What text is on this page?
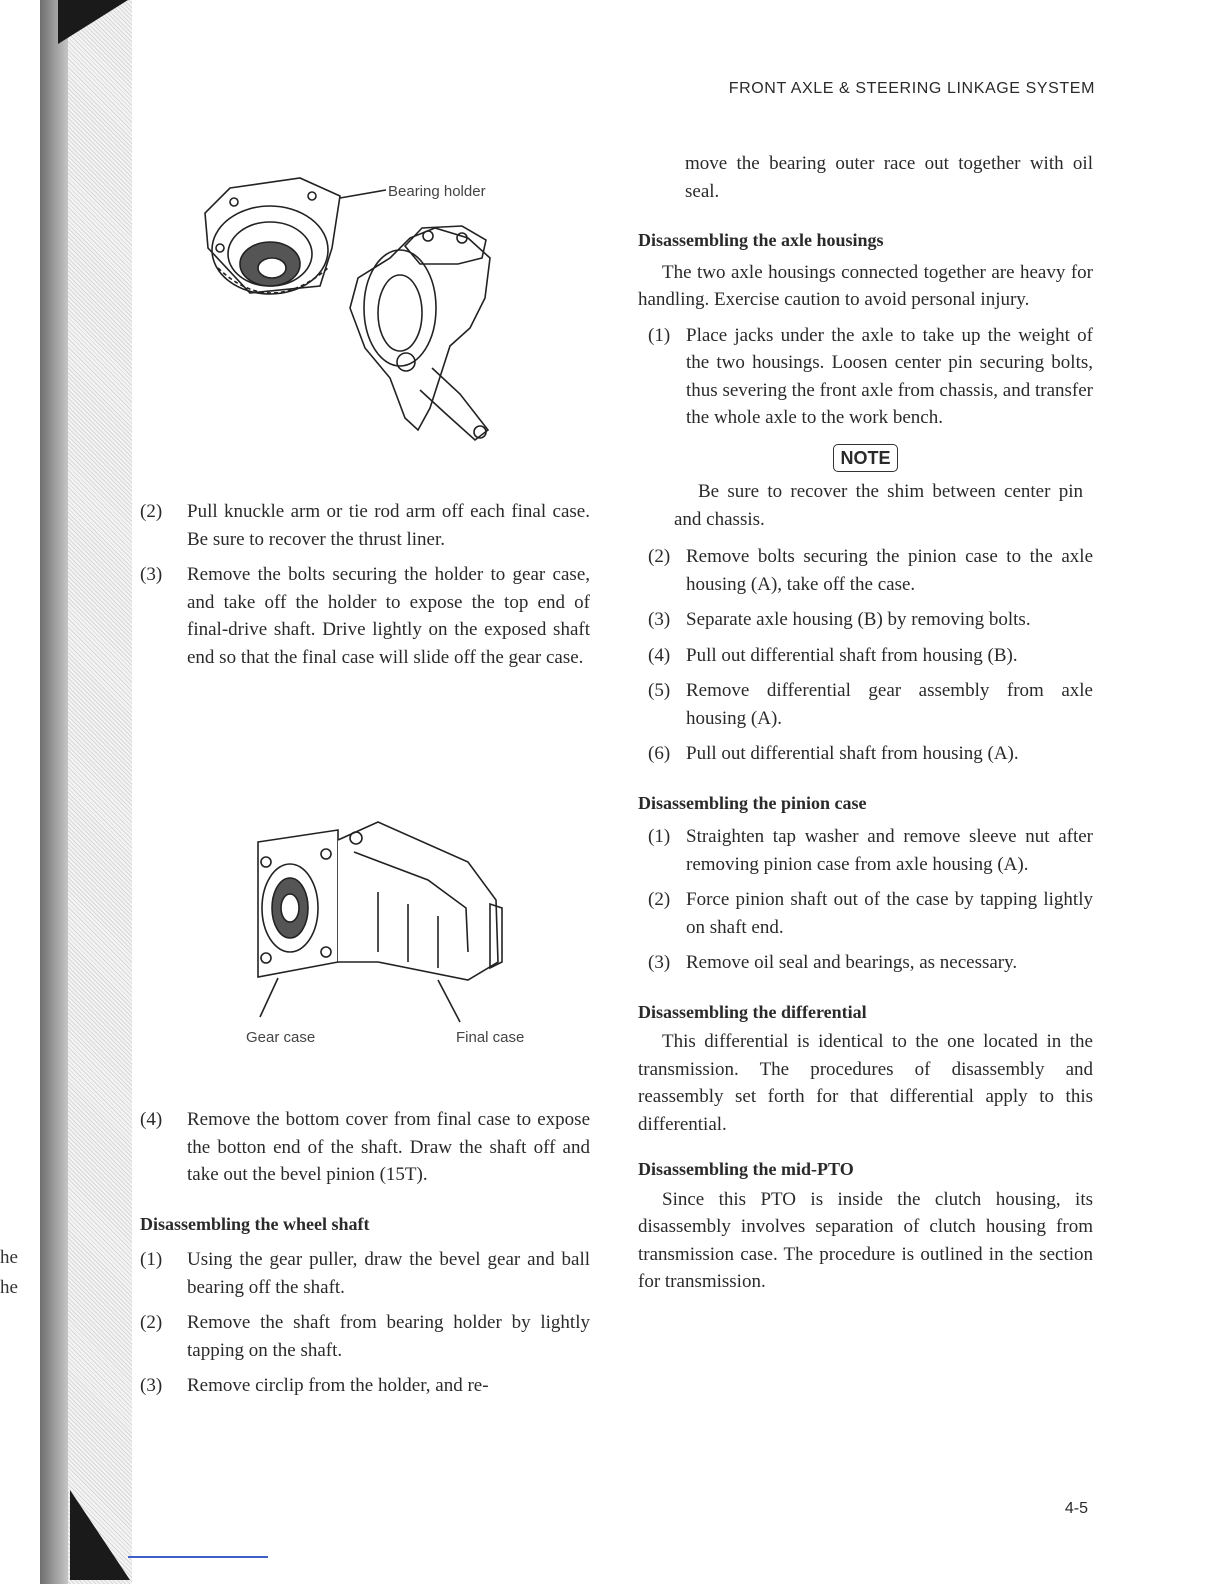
he
he
FRONT AXLE & STEERING LINKAGE SYSTEM
4-5
Bearing holder
Gear case	Final case
(2)	Pull knuckle arm or tie rod arm off each final case. Be sure to recover the thrust liner.
(3)	Remove the bolts securing the holder to gear case, and take off the holder to expose the top end of final-drive shaft. Drive lightly on the exposed shaft end so that the final case will slide off the gear case.
(4)	Remove the bottom cover from final case to expose the botton end of the shaft. Draw the shaft off and take out the bevel pinion (15T).

Disassembling the wheel shaft

(1)	Using the gear puller, draw the bevel gear and ball bearing off the shaft.
(2)	Remove the shaft from bearing holder by lightly tapping on the shaft.
(3)	Remove circlip from the holder, and re-
move the bearing outer race out together with oil seal.

Disassembling the axle housings

The two axle housings connected together are heavy for handling. Exercise caution to avoid personal injury.

(1) Place jacks under the axle to take up the weight of the two housings. Loosen center pin securing bolts, thus severing the front axle from chassis, and transfer the whole axle to the work bench.
NOTE

Be sure to recover the shim between center pin and chassis.

(2) Remove bolts securing the pinion case to the axle housing (A), take off the case.
(3) Separate axle housing (B) by removing bolts.
(4) Pull out differential shaft from housing (B).
(5) Remove differential gear assembly from axle housing (A).
(6) Pull out differential shaft from housing (A).

Disassembling the pinion case

(1) Straighten tap washer and remove sleeve nut after removing pinion case from axle housing (A).
(2) Force pinion shaft out of the case by tapping lightly on shaft end.
(3) Remove oil seal and bearings, as necessary.

Disassembling the differential

This differential is identical to the one located in the transmission. The procedures of disassembly and reassembly set forth for that differential apply to this differential.

Disassembling the mid-PTO

Since this PTO is inside the clutch housing, its disassembly involves separation of clutch housing from transmission case. The procedure is outlined in the section for transmission.
